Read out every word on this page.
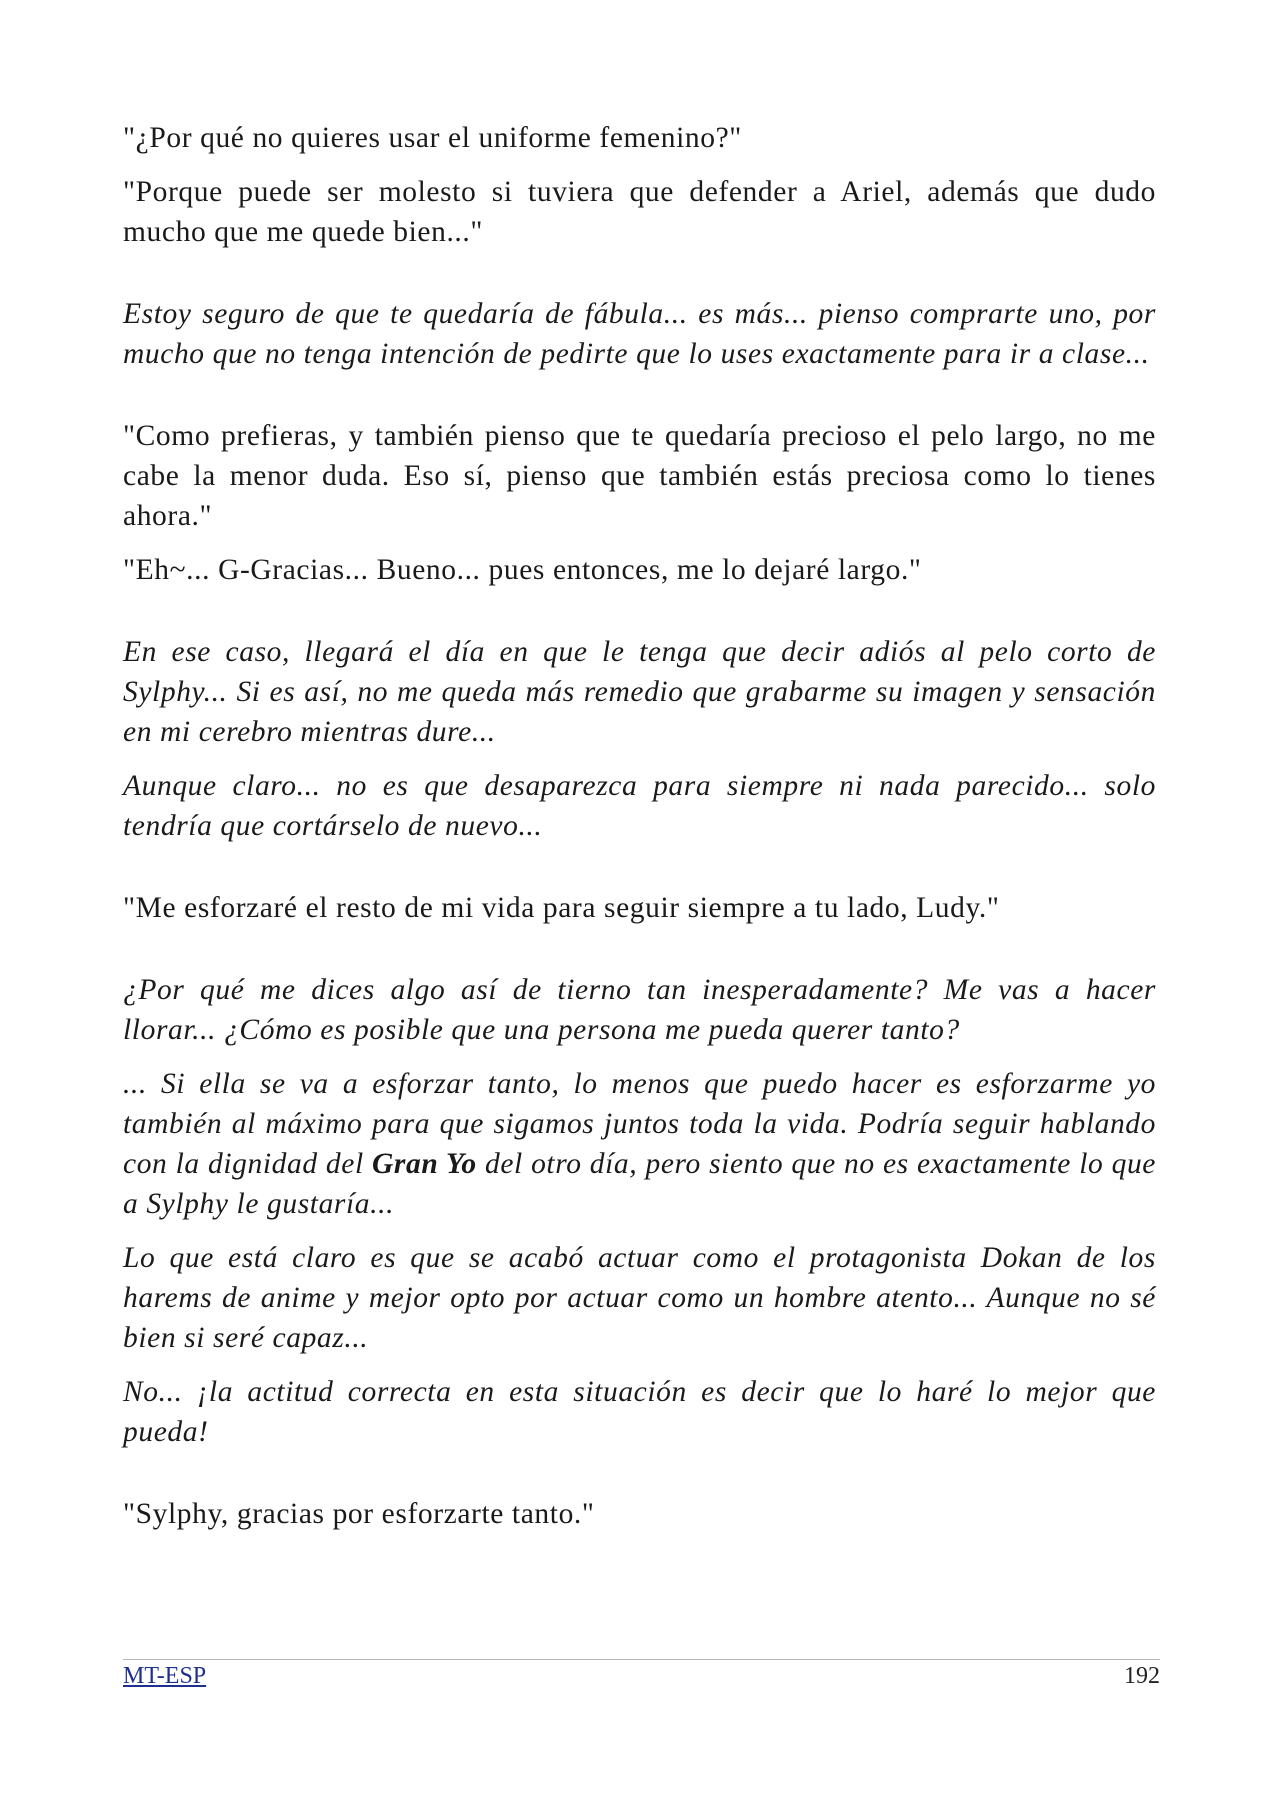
"¿Por qué no quieres usar el uniforme femenino?"

"Porque puede ser molesto si tuviera que defender a Ariel, además que dudo mucho que me quede bien..."

Estoy seguro de que te quedaría de fábula... es más... pienso comprarte uno, por mucho que no tenga intención de pedirte que lo uses exactamente para ir a clase...

"Como prefieras, y también pienso que te quedaría precioso el pelo largo, no me cabe la menor duda. Eso sí, pienso que también estás preciosa como lo tienes ahora."

"Eh~... G-Gracias... Bueno... pues entonces, me lo dejaré largo."

En ese caso, llegará el día en que le tenga que decir adiós al pelo corto de Sylphy... Si es así, no me queda más remedio que grabarme su imagen y sensación en mi cerebro mientras dure...

Aunque claro... no es que desaparezca para siempre ni nada parecido... solo tendría que cortárselo de nuevo...

"Me esforzaré el resto de mi vida para seguir siempre a tu lado, Ludy."

¿Por qué me dices algo así de tierno tan inesperadamente? Me vas a hacer llorar... ¿Cómo es posible que una persona me pueda querer tanto?

... Si ella se va a esforzar tanto, lo menos que puedo hacer es esforzarme yo también al máximo para que sigamos juntos toda la vida. Podría seguir hablando con la dignidad del Gran Yo del otro día, pero siento que no es exactamente lo que a Sylphy le gustaría...

Lo que está claro es que se acabó actuar como el protagonista Dokan de los harems de anime y mejor opto por actuar como un hombre atento... Aunque no sé bien si seré capaz...

No... ¡la actitud correcta en esta situación es decir que lo haré lo mejor que pueda!

"Sylphy, gracias por esforzarte tanto."

MT-ESP	192
